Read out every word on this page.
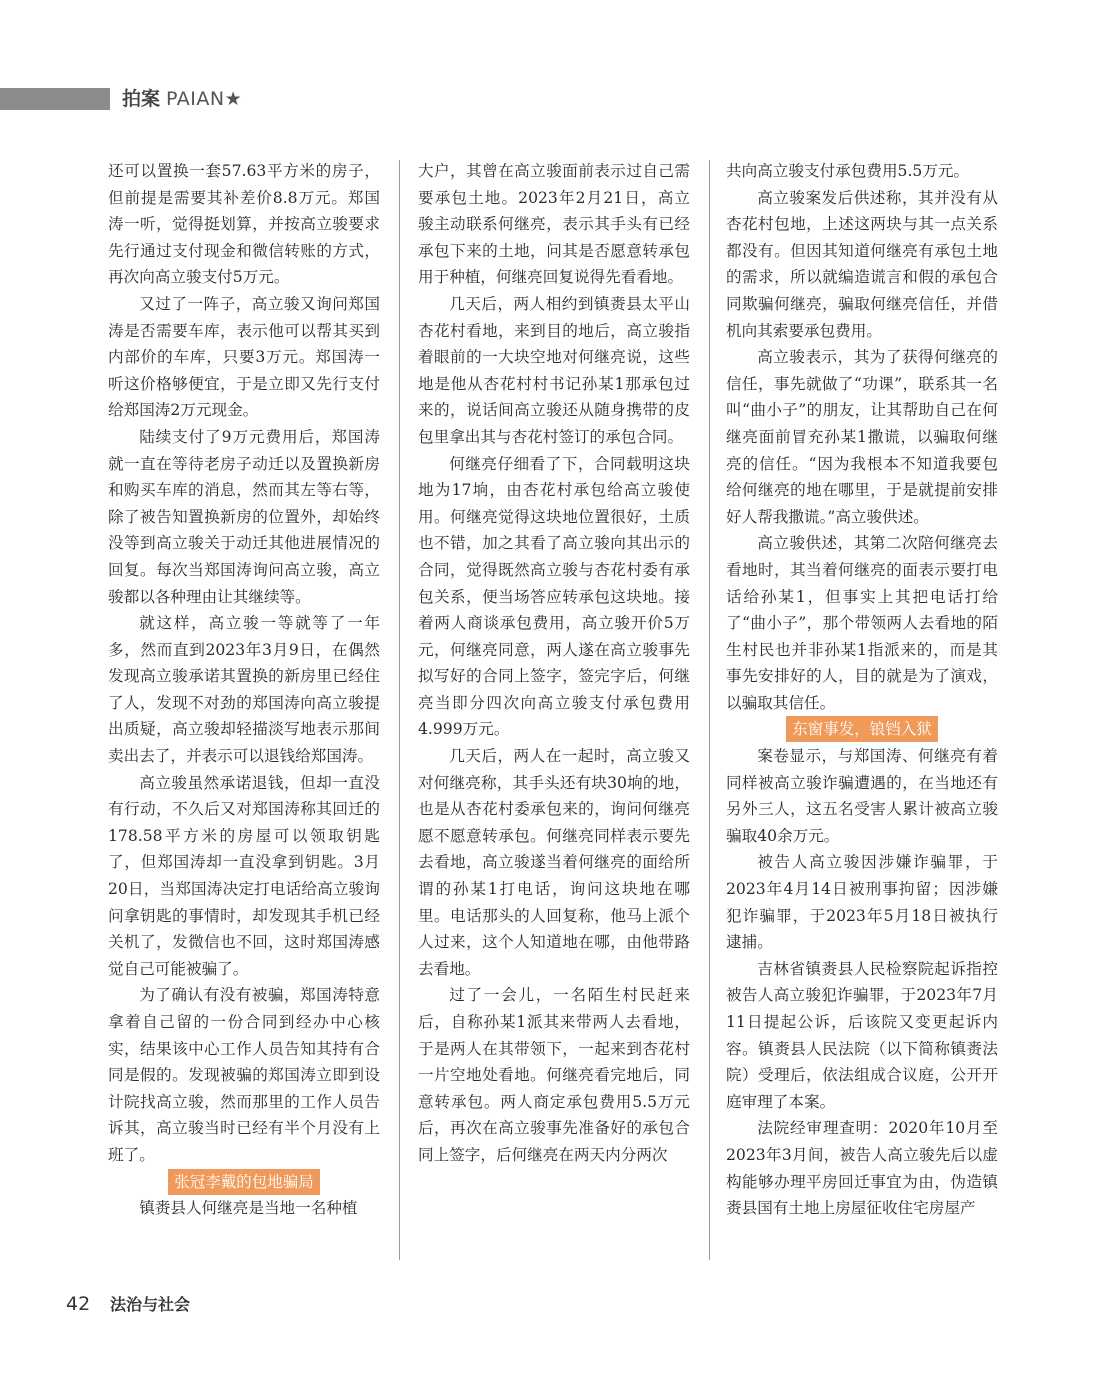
拍案 PAIAN★

还可以置换一套57.63平方米的房子，但前提是需要其补差价8.8万元。郑国涛一听，觉得挺划算，并按高立骏要求先行通过支付现金和微信转账的方式，再次向高立骏支付5万元。

又过了一阵子，高立骏又询问郑国涛是否需要车库，表示他可以帮其买到内部价的车库，只要3万元。郑国涛一听这价格够便宜，于是立即又先行支付给郑国涛2万元现金。

陆续支付了9万元费用后，郑国涛就一直在等待老房子动迁以及置换新房和购买车库的消息，然而其左等右等，除了被告知置换新房的位置外，却始终没等到高立骏关于动迁其他进展情况的回复。每次当郑国涛询问高立骏，高立骏都以各种理由让其继续等。

就这样，高立骏一等就等了一年多，然而直到2023年3月9日，在偶然发现高立骏承诺其置换的新房里已经住了人，发现不对劲的郑国涛向高立骏提出质疑，高立骏却轻描淡写地表示那间卖出去了，并表示可以退钱给郑国涛。

高立骏虽然承诺退钱，但却一直没有行动，不久后又对郑国涛称其回迁的178.58平方米的房屋可以领取钥匙了，但郑国涛却一直没拿到钥匙。3月20日，当郑国涛决定打电话给高立骏询问拿钥匙的事情时，却发现其手机已经关机了，发微信也不回，这时郑国涛感觉自己可能被骗了。

为了确认有没有被骗，郑国涛特意拿着自己留的一份合同到经办中心核实，结果该中心工作人员告知其持有合同是假的。发现被骗的郑国涛立即到设计院找高立骏，然而那里的工作人员告诉其，高立骏当时已经有半个月没有上班了。

张冠李戴的包地骗局

镇赉县人何继亮是当地一名种植

大户，其曾在高立骏面前表示过自己需要承包土地。2023年2月21日，高立骏主动联系何继亮，表示其手头有已经承包下来的土地，问其是否愿意转承包用于种植，何继亮回复说得先看看地。

几天后，两人相约到镇赉县太平山杏花村看地，来到目的地后，高立骏指着眼前的一大块空地对何继亮说，这些地是他从杏花村村书记孙某1那承包过来的，说话间高立骏还从随身携带的皮包里拿出其与杏花村签订的承包合同。

何继亮仔细看了下，合同载明这块地为17垧，由杏花村承包给高立骏使用。何继亮觉得这块地位置很好，土质也不错，加之其看了高立骏向其出示的合同，觉得既然高立骏与杏花村委有承包关系，便当场答应转承包这块地。接着两人商谈承包费用，高立骏开价5万元，何继亮同意，两人遂在高立骏事先拟写好的合同上签字，签完字后，何继亮当即分四次向高立骏支付承包费用4.999万元。

几天后，两人在一起时，高立骏又对何继亮称，其手头还有块30垧的地，也是从杏花村委承包来的，询问何继亮愿不愿意转承包。何继亮同样表示要先去看地，高立骏遂当着何继亮的面给所谓的孙某1打电话，询问这块地在哪里。电话那头的人回复称，他马上派个人过来，这个人知道地在哪，由他带路去看地。

过了一会儿，一名陌生村民赶来后，自称孙某1派其来带两人去看地，于是两人在其带领下，一起来到杏花村一片空地处看地。何继亮看完地后，同意转承包。两人商定承包费用5.5万元后，再次在高立骏事先准备好的承包合同上签字，后何继亮在两天内分两次

共向高立骏支付承包费用5.5万元。

高立骏案发后供述称，其并没有从杏花村包地，上述这两块与其一点关系都没有。但因其知道何继亮有承包土地的需求，所以就编造谎言和假的承包合同欺骗何继亮，骗取何继亮信任，并借机向其索要承包费用。

高立骏表示，其为了获得何继亮的信任，事先就做了“功课”，联系其一名叫“曲小子”的朋友，让其帮助自己在何继亮面前冒充孙某1撒谎，以骗取何继亮的信任。“因为我根本不知道我要包给何继亮的地在哪里，于是就提前安排好人帮我撒谎。”高立骏供述。

高立骏供述，其第二次陪何继亮去看地时，其当着何继亮的面表示要打电话给孙某1，但事实上其把电话打给了“曲小子”，那个带领两人去看地的陌生村民也并非孙某1指派来的，而是其事先安排好的人，目的就是为了演戏，以骗取其信任。

东窗事发，锒铛入狱

案卷显示，与郑国涛、何继亮有着同样被高立骏诈骗遭遇的，在当地还有另外三人，这五名受害人累计被高立骏骗取40余万元。

被告人高立骏因涉嫌诈骗罪，于2023年4月14日被刑事拘留；因涉嫌犯诈骗罪，于2023年5月18日被执行逮捕。

吉林省镇赉县人民检察院起诉指控被告人高立骏犯诈骗罪，于2023年7月11日提起公诉，后该院又变更起诉内容。镇赉县人民法院（以下简称镇赉法院）受理后，依法组成合议庭，公开开庭审理了本案。

法院经审理查明：2020年10月至2023年3月间，被告人高立骏先后以虚构能够办理平房回迁事宜为由，伪造镇赉县国有土地上房屋征收住宅房屋产

42 法治与社会
